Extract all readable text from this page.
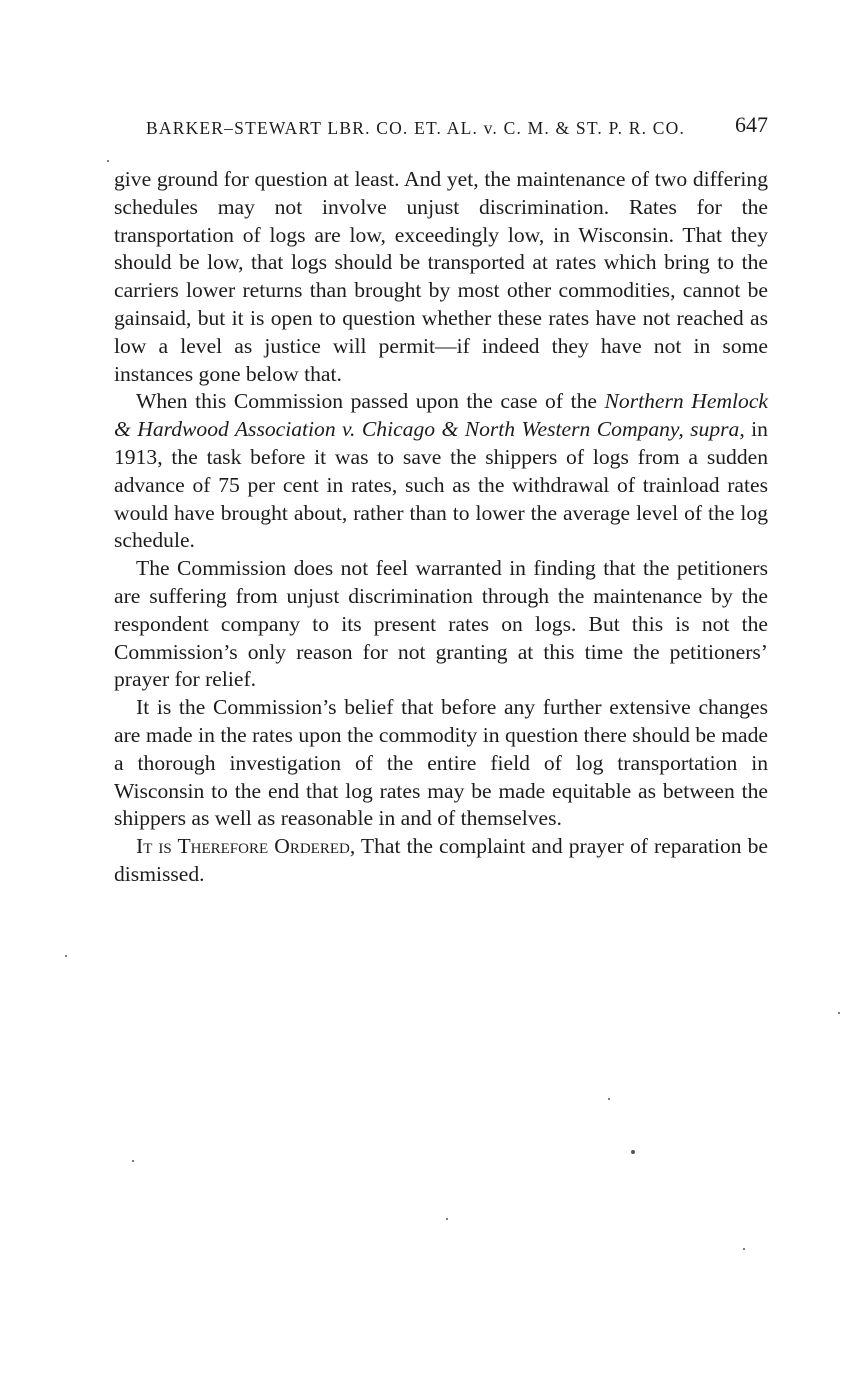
BARKER–STEWART LBR. CO. ET. AL. v. C. M. & ST. P. R. CO. 647

give ground for question at least. And yet, the maintenance of two differing schedules may not involve unjust discrimination. Rates for the transportation of logs are low, exceedingly low, in Wisconsin. That they should be low, that logs should be transported at rates which bring to the carriers lower returns than brought by most other commodities, cannot be gainsaid, but it is open to question whether these rates have not reached as low a level as justice will permit—if indeed they have not in some instances gone below that.

When this Commission passed upon the case of the Northern Hemlock & Hardwood Association v. Chicago & North Western Company, supra, in 1913, the task before it was to save the shippers of logs from a sudden advance of 75 per cent in rates, such as the withdrawal of trainload rates would have brought about, rather than to lower the average level of the log schedule.

The Commission does not feel warranted in finding that the petitioners are suffering from unjust discrimination through the maintenance by the respondent company to its present rates on logs. But this is not the Commission’s only reason for not granting at this time the petitioners’ prayer for relief.

It is the Commission’s belief that before any further extensive changes are made in the rates upon the commodity in question there should be made a thorough investigation of the entire field of log transportation in Wisconsin to the end that log rates may be made equitable as between the shippers as well as reasonable in and of themselves.

It is Therefore Ordered, That the complaint and prayer of reparation be dismissed.
